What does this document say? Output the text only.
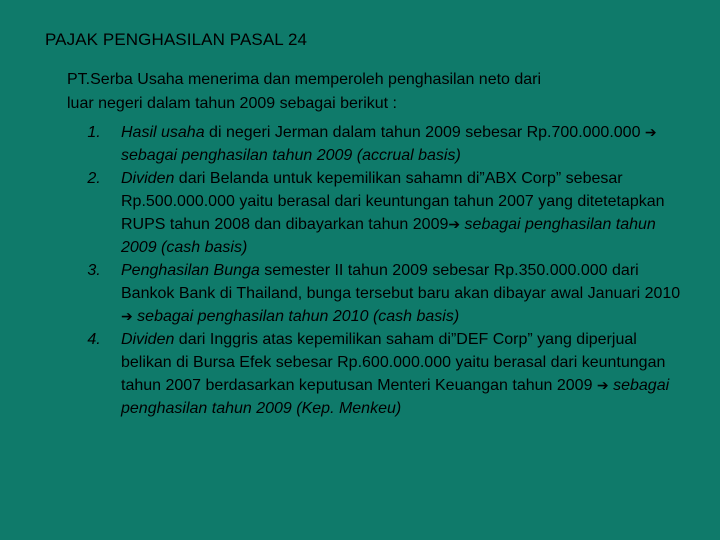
PAJAK PENGHASILAN PASAL 24
PT.Serba Usaha menerima dan memperoleh penghasilan neto dari
luar negeri dalam tahun 2009 sebagai berikut :
1.	Hasil usaha di negeri Jerman dalam tahun 2009 sebesar Rp.700.000.000 ➔ sebagai penghasilan tahun 2009 (accrual basis)
2.	Dividen dari Belanda untuk kepemilikan sahamn di”ABX Corp” sebesar Rp.500.000.000 yaitu berasal dari keuntungan tahun 2007 yang ditetetapkan RUPS tahun 2008 dan dibayarkan tahun 2009➔ sebagai penghasilan tahun 2009 (cash basis)
3.	Penghasilan Bunga semester II tahun 2009 sebesar Rp.350.000.000 dari Bankok Bank di Thailand, bunga tersebut baru akan dibayar awal Januari 2010➔ sebagai penghasilan tahun 2010 (cash basis)
4.	Dividen dari Inggris atas kepemilikan saham di”DEF Corp” yang diperjual belikan di Bursa Efek sebesar Rp.600.000.000 yaitu berasal dari keuntungan tahun 2007 berdasarkan keputusan Menteri Keuangan tahun 2009 ➔ sebagai penghasilan tahun 2009 (Kep. Menkeu)
